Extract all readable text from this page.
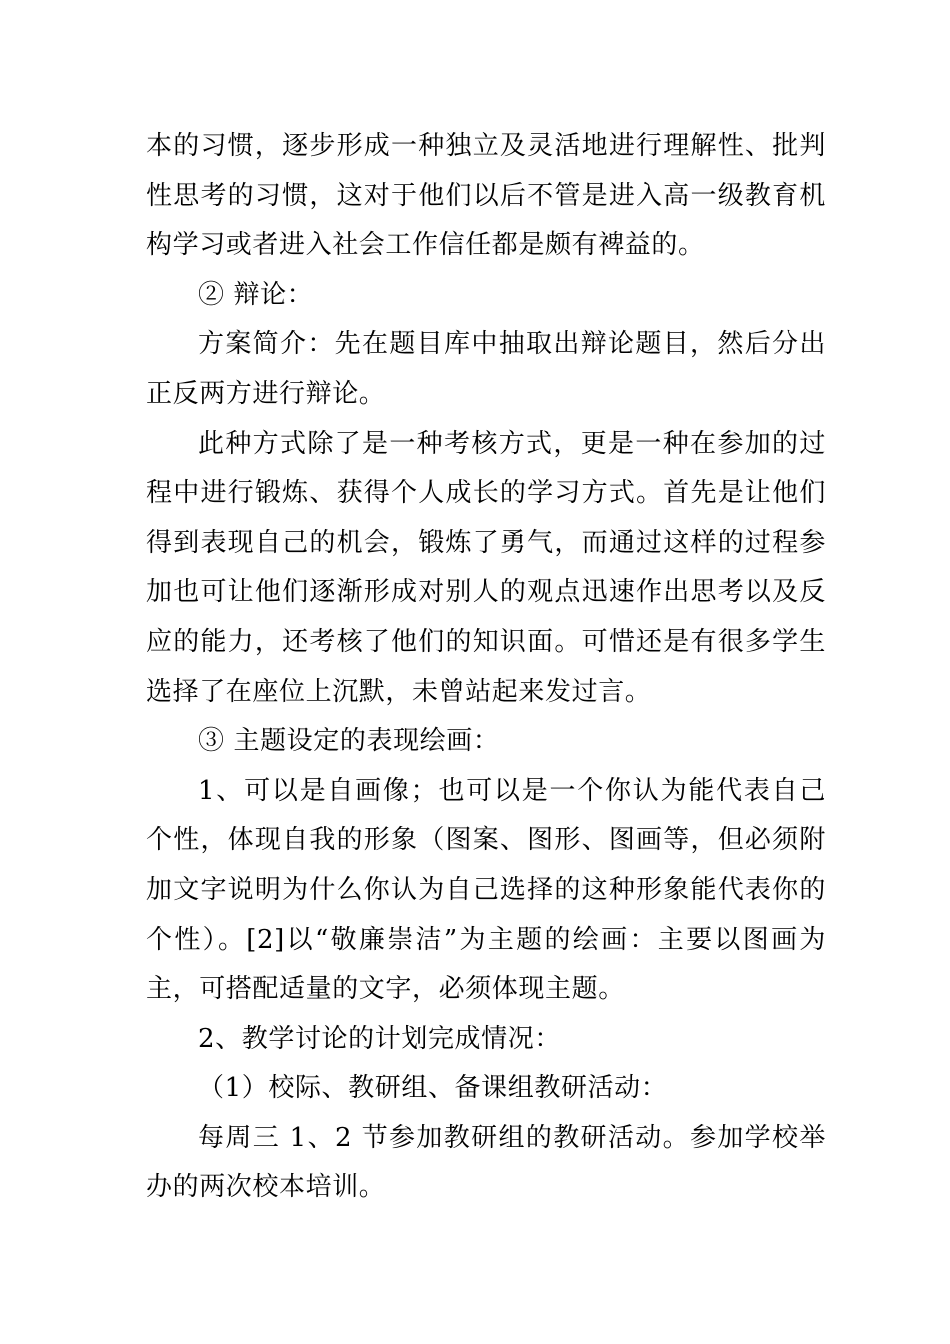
本的习惯，逐步形成一种独立及灵活地进行理解性、批判性思考的习惯，这对于他们以后不管是进入高一级教育机构学习或者进入社会工作信任都是颇有裨益的。

② 辩论：

方案简介：先在题目库中抽取出辩论题目，然后分出正反两方进行辩论。

此种方式除了是一种考核方式，更是一种在参加的过程中进行锻炼、获得个人成长的学习方式。首先是让他们得到表现自己的机会，锻炼了勇气，而通过这样的过程参加也可让他们逐渐形成对别人的观点迅速作出思考以及反应的能力，还考核了他们的知识面。可惜还是有很多学生选择了在座位上沉默，未曾站起来发过言。

③ 主题设定的表现绘画：

1、可以是自画像；也可以是一个你认为能代表自己个性，体现自我的形象（图案、图形、图画等，但必须附加文字说明为什么你认为自己选择的这种形象能代表你的个性）。[2]以“敬廉崇洁”为主题的绘画：主要以图画为主，可搭配适量的文字，必须体现主题。

2、教学讨论的计划完成情况：

（1）校际、教研组、备课组教研活动：

每周三 1、2 节参加教研组的教研活动。参加学校举办的两次校本培训。
